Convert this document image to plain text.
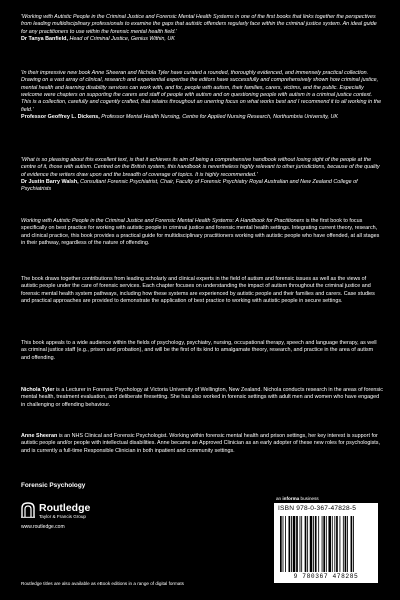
'Working with Autistic People in the Criminal Justice and Forensic Mental Health Systems in one of the first books that links together the perspectives from leading multidisciplinary professionals to examine the gaps that autistic offenders regularly face within the criminal justice system. An ideal guide for any practitioners to use within the forensic mental health field.'

Dr Tanya Banfield, Head of Criminal Justice, Genius Within, UK

'In their impressive new book Anne Sheeran and Nichola Tyler have curated a rounded, thoroughly evidenced, and immensely practical collection. Drawing on a vast array of clinical, research and experiential expertise the editors have successfully and comprehensively shown how criminal justice, mental health and learning disability services can work with, and for, people with autism, their families, carers, victims, and the public. Especially welcome were chapters on supporting the carers and staff of people with autism and on questioning people with autism in a criminal justice context. This is a collection, carefully and cogently crafted, that retains throughout an unerring focus on what works best and I recommend it to all working in the field.'

Professor Geoffrey L. Dickens, Professor Mental Health Nursing, Centre for Applied Nursing Research, Northumbria University, UK

'What is so pleasing about this excellent text, is that it achieves its aim of being a comprehensive handbook without losing sight of the people at the centre of it, those with autism. Centred on the British system, this handbook is nevertheless highly relevant to other jurisdictions, because of the quality of evidence the writers draw upon and the breadth of coverage of topics. It is highly recommended.'

Dr Justin Barry Walsh, Consultant Forensic Psychiatrist, Chair, Faculty of Forensic Psychiatry Royal Australian and New Zealand College of Psychiatrists

Working with Autistic People in the Criminal Justice and Forensic Mental Health Systems: A Handbook for Practitioners is the first book to focus specifically on best practice for working with autistic people in criminal justice and forensic mental health settings. Integrating current theory, research, and clinical practice, this book provides a practical guide for multidisciplinary practitioners working with autistic people who have offended, at all stages in their pathway, regardless of the nature of offending.

The book draws together contributions from leading scholarly and clinical experts in the field of autism and forensic issues as well as the views of autistic people under the care of forensic services. Each chapter focuses on understanding the impact of autism throughout the criminal justice and forensic mental health system pathways, including how these systems are experienced by autistic people and their families and carers. Case studies and practical approaches are provided to demonstrate the application of best practice to working with autistic people in secure settings.

This book appeals to a wide audience within the fields of psychology, psychiatry, nursing, occupational therapy, speech and language therapy, as well as criminal justice staff (e.g., prison and probation), and will be the first of its kind to amalgamate theory, research, and practice in the area of autism and offending.

Nichola Tyler is a Lecturer in Forensic Psychology at Victoria University of Wellington, New Zealand. Nichola conducts research in the areas of forensic mental health, treatment evaluation, and deliberate firesetting. She has also worked in forensic settings with adult men and women who have engaged in challenging or offending behaviour.

Anne Sheeran is an NHS Clinical and Forensic Psychologist. Working within forensic mental health and prison settings, her key interest is support for autistic people and/or people with intellectual disabilities. Anne became an Approved Clinician as an early adopter of these new roles for psychologists, and is currently a full-time Responsible Clinician in both inpatient and community settings.

Forensic Psychology
Routledge
Taylor & Francis Group
www.routledge.com
an informa business
ISBN 978-0-367-47828-5
9 780367 478285
Routledge titles are also available as eBook editions in a range of digital formats
